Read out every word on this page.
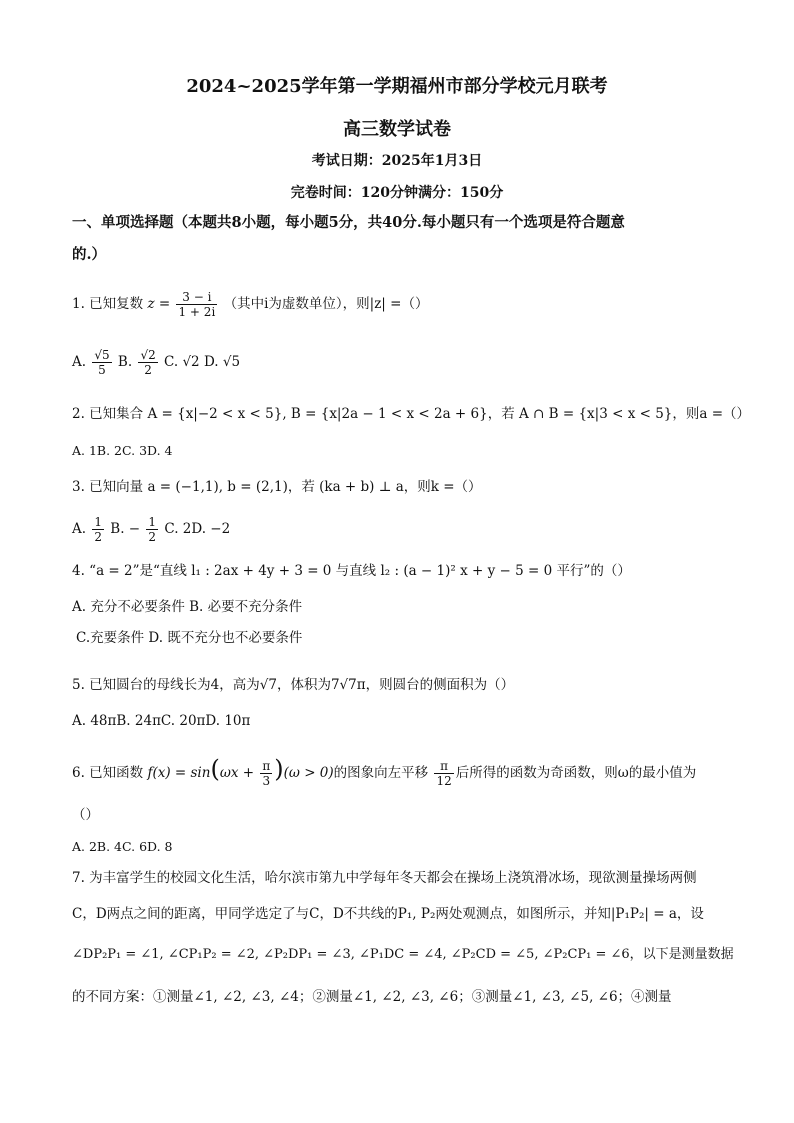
2024~2025学年第一学期福州市部分学校元月联考
高三数学试卷
考试日期：2025年1月3日
完卷时间：120分钟满分：150分
一、单项选择题（本题共8小题，每小题5分，共40分.每小题只有一个选项是符合题意
的.）
1. 已知复数 $z = \frac{3 - i}{1 + 2i}$ （其中i为虚数单位），则|z| =（）
A. $\frac{√5}{5} B$. $\frac{√2}{2} C$. √2 D. √5
2. 已知集合 A = {x|−2 < x < 5}, B = {x|2a − 1 < x < 2a + 6}，若 A ∩ B = {x|3 < x < 5}，则a =（）
A. 1B. 2C. 3D. 4
3. 已知向量 a = (−1,1), b = (2,1)，若 (ka + b) ⊥ a，则k =（）
A. $\frac{1}{2} B$. − $\frac{1}{2} C$. 2D. −2
4. “a = 2”是“直线 l₁ : 2ax + 4y + 3 = 0 与直线 l₂ : (a − 1)² x + y − 5 = 0 平行”的（）
A. 充分不必要条件 B. 必要不充分条件
C.充要条件 D. 既不充分也不必要条件
5. 已知圆台的母线长为4，高为√7，体积为7√7π，则圆台的侧面积为（）
A. 48πB. 24πC. 20πD. 10π
6. 已知函数 $f(x) = \sin(\omega x + \frac{\pi}{3} )(\omega > 0)$的图象向左平移 $\frac{\pi}{12}$ 后所得的函数为奇函数，则ω的最小值为
（）
A. 2B. 4C. 6D. 8
7. 为丰富学生的校园文化生活，哈尔滨市第九中学每年冬天都会在操场上浇筑滑冰场，现欲测量操场两侧
C，D两点之间的距离，甲同学选定了与C，D不共线的P₁, P₂两处观测点，如图所示，并知|P₁P₂| = a，设
∠DP₂P₁ = ∠1, ∠CP₁P₂ = ∠2, ∠P₂DP₁ = ∠3, ∠P₁DC = ∠4, ∠P₂CD = ∠5, ∠P₂CP₁ = ∠6，以下是测量数据
的不同方案：①测量∠1, ∠2, ∠3, ∠4；②测量∠1, ∠2, ∠3, ∠6；③测量∠1, ∠3, ∠5, ∠6；④测量
